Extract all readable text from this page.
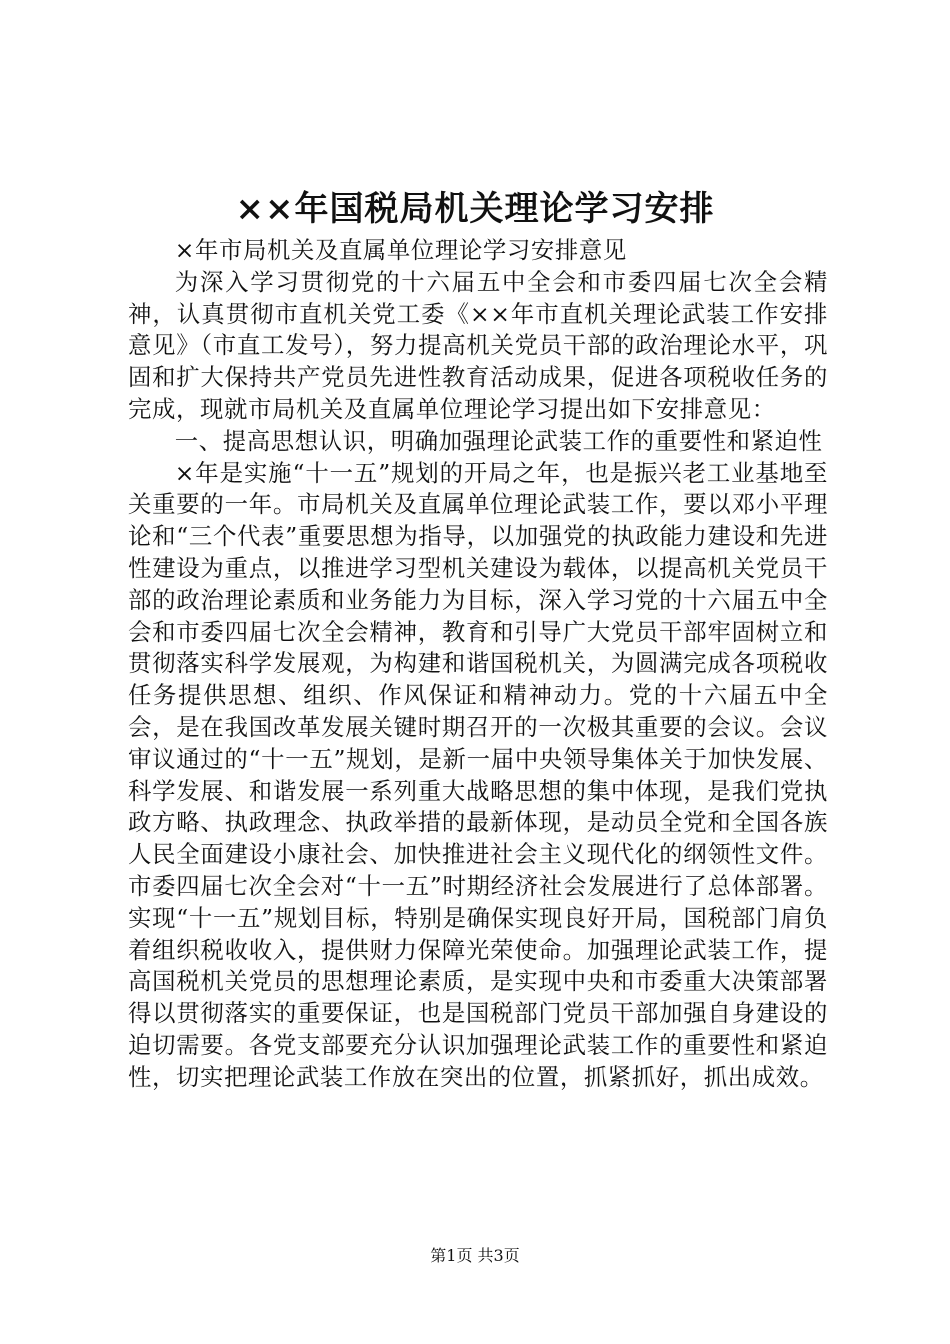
××年国税局机关理论学习安排

×年市局机关及直属单位理论学习安排意见

为深入学习贯彻党的十六届五中全会和市委四届七次全会精神，认真贯彻市直机关党工委《××年市直机关理论武装工作安排意见》（市直工发号），努力提高机关党员干部的政治理论水平，巩固和扩大保持共产党员先进性教育活动成果，促进各项税收任务的完成，现就市局机关及直属单位理论学习提出如下安排意见：

一、提高思想认识，明确加强理论武装工作的重要性和紧迫性

×年是实施“十一五”规划的开局之年，也是振兴老工业基地至关重要的一年。市局机关及直属单位理论武装工作，要以邓小平理论和“三个代表”重要思想为指导，以加强党的执政能力建设和先进性建设为重点，以推进学习型机关建设为载体，以提高机关党员干部的政治理论素质和业务能力为目标，深入学习党的十六届五中全会和市委四届七次全会精神，教育和引导广大党员干部牢固树立和贯彻落实科学发展观，为构建和谐国税机关，为圆满完成各项税收任务提供思想、组织、作风保证和精神动力。党的十六届五中全会，是在我国改革发展关键时期召开的一次极其重要的会议。会议审议通过的“十一五”规划，是新一届中央领导集体关于加快发展、科学发展、和谐发展一系列重大战略思想的集中体现，是我们党执政方略、执政理念、执政举措的最新体现，是动员全党和全国各族人民全面建设小康社会、加快推进社会主义现代化的纲领性文件。市委四届七次全会对“十一五”时期经济社会发展进行了总体部署。实现“十一五”规划目标，特别是确保实现良好开局，国税部门肩负着组织税收收入，提供财力保障光荣使命。加强理论武装工作，提高国税机关党员的思想理论素质，是实现中央和市委重大决策部署得以贯彻落实的重要保证，也是国税部门党员干部加强自身建设的迫切需要。各党支部要充分认识加强理论武装工作的重要性和紧迫性，切实把理论武装工作放在突出的位置，抓紧抓好，抓出成效。

第1页 共3页
